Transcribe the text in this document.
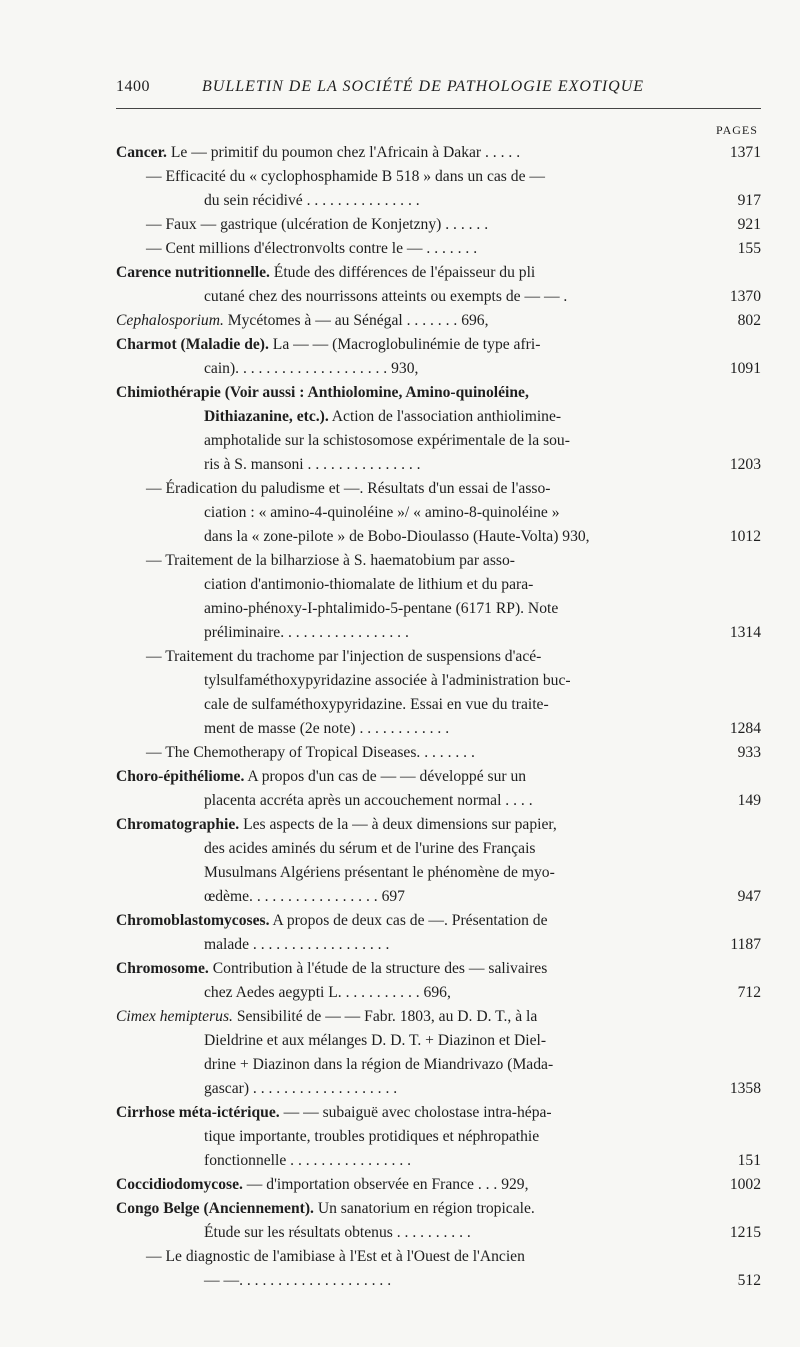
1400	BULLETIN DE LA SOCIÉTÉ DE PATHOLOGIE EXOTIQUE
PAGES
Cancer. Le — primitif du poumon chez l'Africain à Dakar . . . . .	1371
— Efficacité du « cyclophosphamide B 518 » dans un cas de —
du sein récidivé . . . . . . . . . . . . . . .	917
— Faux — gastrique (ulcération de Konjetzny) . . . . . .	921
— Cent millions d'électronvolts contre le — . . . . . . .	155
Carence nutritionnelle. Étude des différences de l'épaisseur du pli
cutané chez des nourrissons atteints ou exempts de — — .	1370
Cephalosporium. Mycétomes à — au Sénégal . . . . . . . 696,	802
Charmot (Maladie de). La — — (Macroglobulinémie de type afri-
cain). . . . . . . . . . . . . . . . . . . . 930,	1091
Chimiothérapie (Voir aussi : Anthiolomine, Amino-quinoléine,
Dithiazanine, etc.). Action de l'association anthiolimine-
amphotalide sur la schistosomose expérimentale de la sou-
ris à S. mansoni . . . . . . . . . . . . . . .	1203
— Éradication du paludisme et —. Résultats d'un essai de l'asso-
ciation : « amino-4-quinoléine »/ « amino-8-quinoléine »
dans la « zone-pilote » de Bobo-Dioulasso (Haute-Volta) 930,	1012
— Traitement de la bilharziose à S. haematobium par asso-
ciation d'antimonio-thiomalate de lithium et du para-
amino-phénoxy-I-phtalimido-5-pentane (6171 RP). Note
préliminaire. . . . . . . . . . . . . . . . .	1314
— Traitement du trachome par l'injection de suspensions d'acé-
tylsulfaméthoxypyridazine associée à l'administration buc-
cale de sulfaméthoxypyridazine. Essai en vue du traite-
ment de masse (2e note) . . . . . . . . . . . .	1284
— The Chemotherapy of Tropical Diseases. . . . . . . .	933
Choro-épithéliome. A propos d'un cas de — — développé sur un
placenta accréta après un accouchement normal . . . .	149
Chromatographie. Les aspects de la — à deux dimensions sur papier,
des acides aminés du sérum et de l'urine des Français
Musulmans Algériens présentant le phénomène de myo-
œdème. . . . . . . . . . . . . . . . . 697	947
Chromoblastomycoses. A propos de deux cas de —. Présentation de
malade . . . . . . . . . . . . . . . . . .	1187
Chromosome. Contribution à l'étude de la structure des — salivaires
chez Aedes aegypti L. . . . . . . . . . . 696,	712
Cimex hemipterus. Sensibilité de — — Fabr. 1803, au D. D. T., à la
Dieldrine et aux mélanges D. D. T. + Diazinon et Diel-
drine + Diazinon dans la région de Miandrivazo (Mada-
gascar) . . . . . . . . . . . . . . . . . . .	1358
Cirrhose méta-ictérique. — — subaiguë avec cholostase intra-hépa-
tique importante, troubles protidiques et néphropathie
fonctionnelle . . . . . . . . . . . . . . . .	151
Coccidiodomycose. — d'importation observée en France . . . 929,	1002
Congo Belge (Anciennement). Un sanatorium en région tropicale.
Étude sur les résultats obtenus . . . . . . . . . .	1215
— Le diagnostic de l'amibiase à l'Est et à l'Ouest de l'Ancien
— —. . . . . . . . . . . . . . . . . . . .	512
